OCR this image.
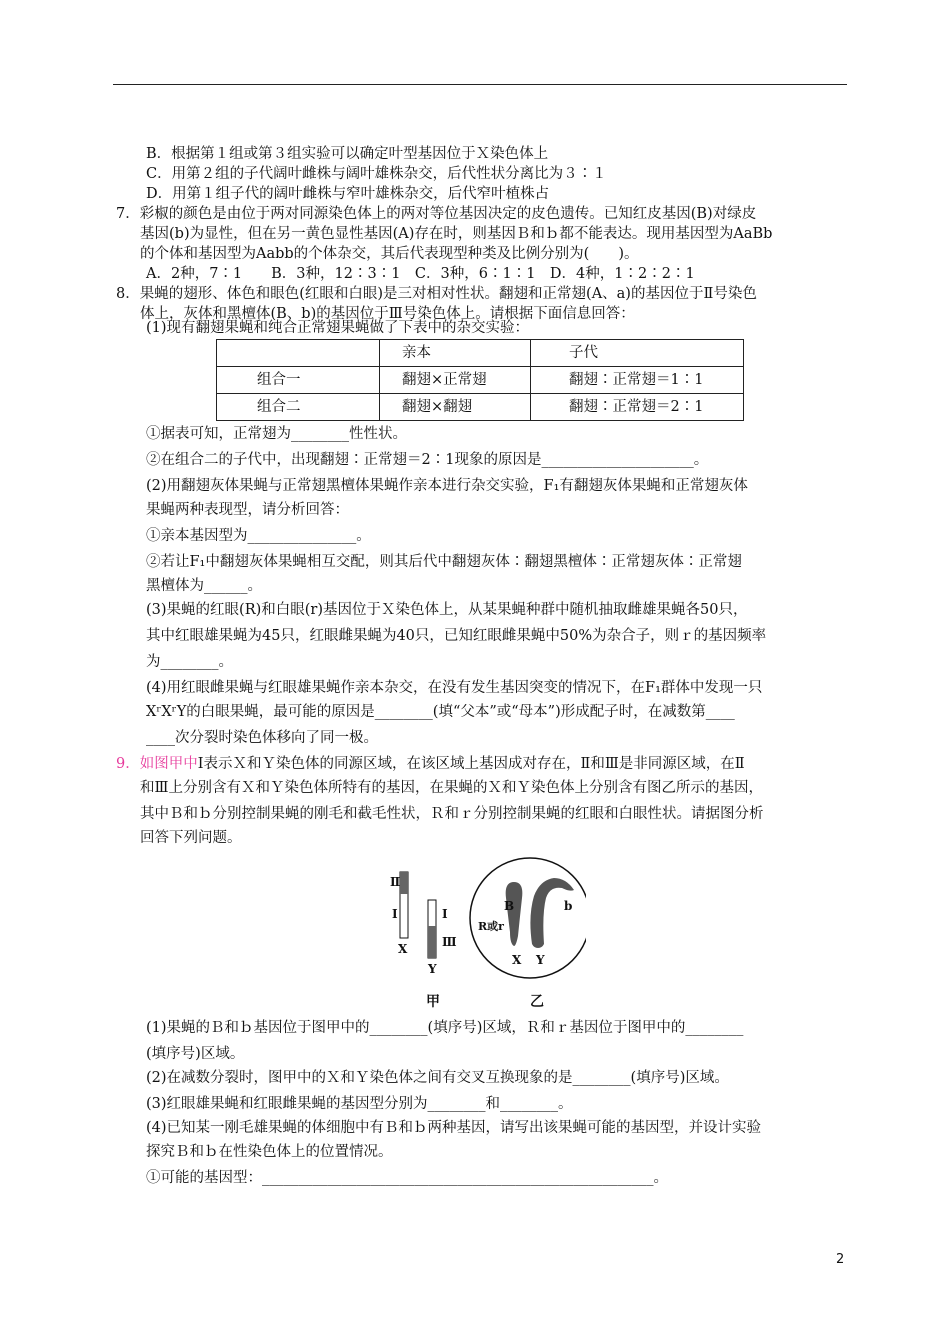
B．根据第１组或第３组实验可以确定叶型基因位于Ｘ染色体上
C．用第２组的子代阔叶雌株与阔叶雄株杂交，后代性状分离比为３∶１
D．用第１组子代的阔叶雌株与窄叶雄株杂交，后代窄叶植株占
7．彩椒的颜色是由位于两对同源染色体上的两对等位基因决定的皮色遗传。已知红皮基因(B)对绿皮
基因(b)为显性，但在另一黄色显性基因(A)存在时，则基因Ｂ和ｂ都不能表达。现用基因型为AaBb
的个体和基因型为Aabb的个体杂交，其后代表现型种类及比例分别为(　　)。
A．2种，7∶1　　B．3种，12∶3∶1　C．3种，6∶1∶1　D．4种，1∶2∶2∶1
8．果蝇的翅形、体色和眼色(红眼和白眼)是三对相对性状。翻翅和正常翅(A、a)的基因位于Ⅱ号染色
体上，灰体和黑檀体(B、b)的基因位于Ⅲ号染色体上。请根据下面信息回答：
(1)现有翻翅果蝇和纯合正常翅果蝇做了下表中的杂交实验：
	亲本	子代
组合一	翻翅×正常翅	翻翅∶正常翅＝1∶1
组合二	翻翅×翻翅	翻翅∶正常翅＝2∶1
①据表可知，正常翅为________性性状。
②在组合二的子代中，出现翻翅∶正常翅＝2∶1现象的原因是_____________________。
(2)用翻翅灰体果蝇与正常翅黑檀体果蝇作亲本进行杂交实验，F₁有翻翅灰体果蝇和正常翅灰体
果蝇两种表现型，请分析回答：
①亲本基因型为_______________。
②若让F₁中翻翅灰体果蝇相互交配，则其后代中翻翅灰体∶翻翅黑檀体∶正常翅灰体∶正常翅
黑檀体为______。
(3)果蝇的红眼(R)和白眼(r)基因位于Ｘ染色体上，从某果蝇种群中随机抽取雌雄果蝇各50只，
其中红眼雄果蝇为45只，红眼雌果蝇为40只，已知红眼雌果蝇中50%为杂合子，则ｒ的基因频率
为________。
(4)用红眼雌果蝇与红眼雄果蝇作亲本杂交，在没有发生基因突变的情况下，在F₁群体中发现一只
XʳXʳY的白眼果蝇，最可能的原因是________(填“父本”或“母本”)形成配子时，在减数第____
____次分裂时染色体移向了同一极。
9．如图甲中Ⅰ表示Ｘ和Ｙ染色体的同源区域，在该区域上基因成对存在，Ⅱ和Ⅲ是非同源区域，在Ⅱ
和Ⅲ上分别含有Ｘ和Ｙ染色体所特有的基因，在果蝇的Ｘ和Ｙ染色体上分别含有图乙所示的基因，
其中Ｂ和ｂ分别控制果蝇的刚毛和截毛性状，Ｒ和ｒ分别控制果蝇的红眼和白眼性状。请据图分析
回答下列问题。
Ⅱ
Ⅰ
X
Ⅰ
Ⅲ
Y
B	b
R或r
X Y
甲	乙
(1)果蝇的Ｂ和ｂ基因位于图甲中的________(填序号)区域，Ｒ和ｒ基因位于图甲中的________
(填序号)区域。
(2)在减数分裂时，图甲中的Ｘ和Ｙ染色体之间有交叉互换现象的是________(填序号)区域。
(3)红眼雄果蝇和红眼雌果蝇的基因型分别为________和________。
(4)已知某一刚毛雄果蝇的体细胞中有Ｂ和ｂ两种基因，请写出该果蝇可能的基因型，并设计实验
探究Ｂ和ｂ在性染色体上的位置情况。
①可能的基因型：______________________________________________________。
2
